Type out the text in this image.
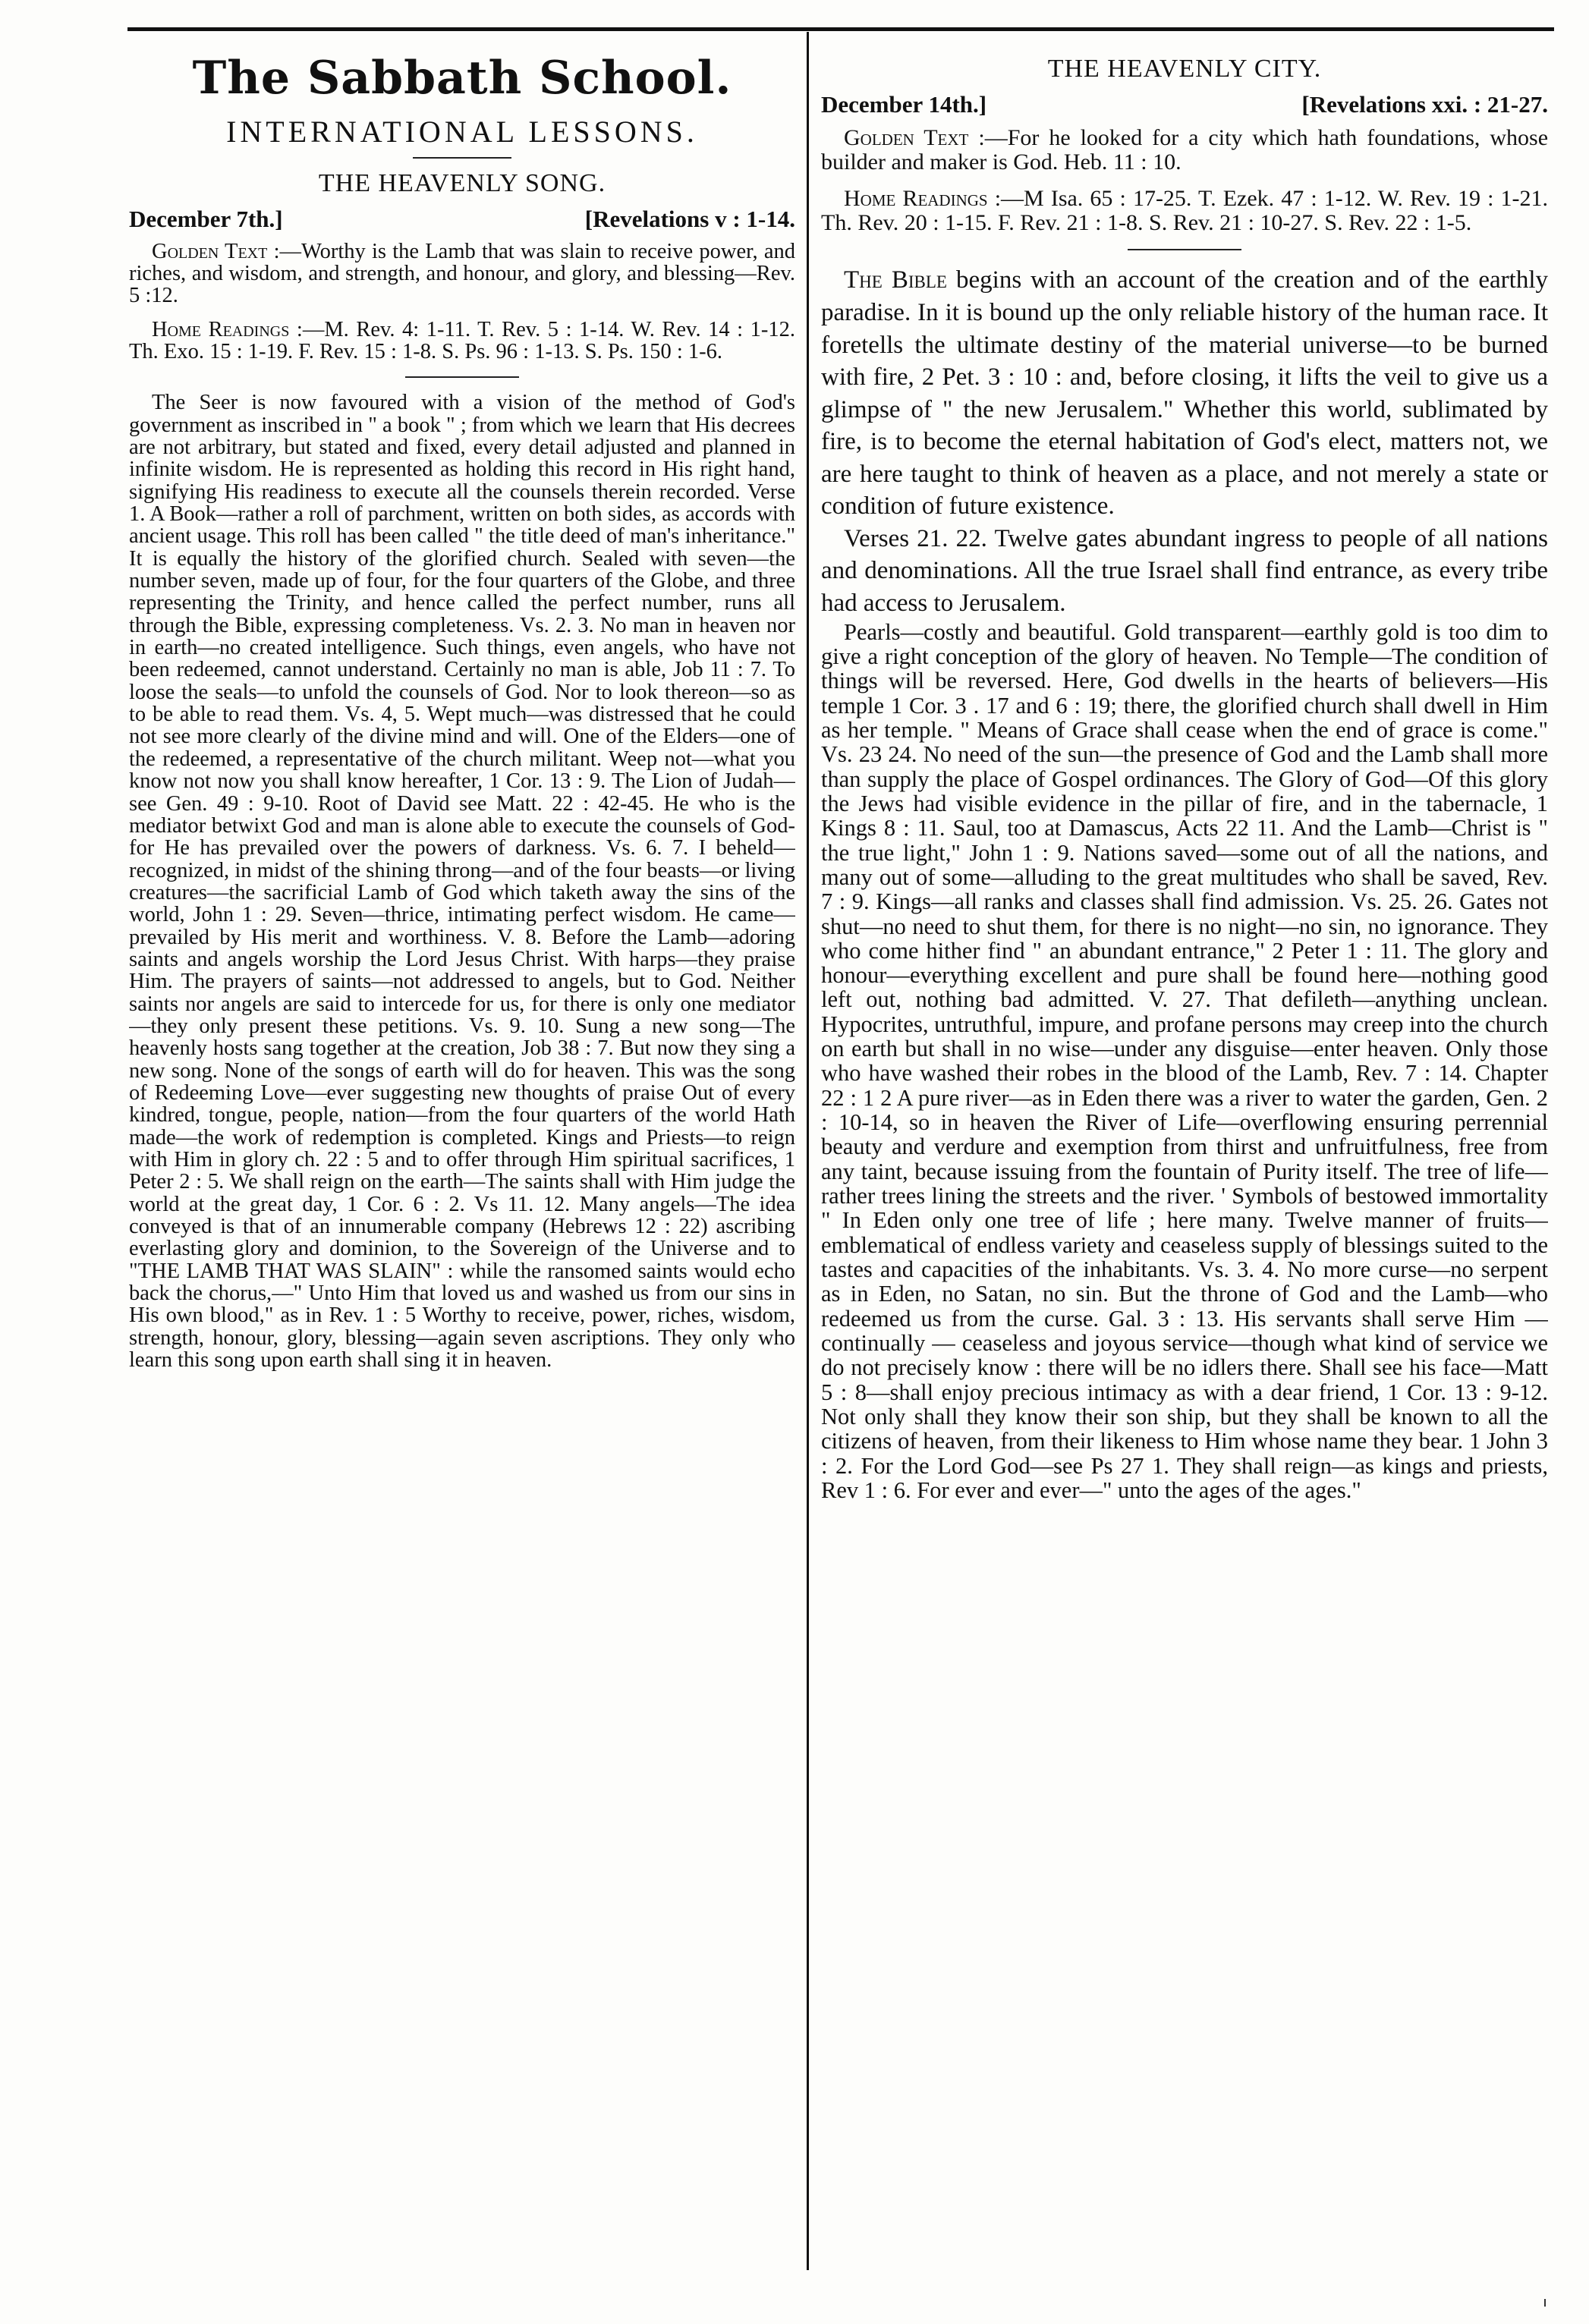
The Sabbath School.
INTERNATIONAL LESSONS.
THE HEAVENLY SONG.
December 7th.]	[Revelations v : 1-14.

Golden Text :—Worthy is the Lamb that was slain to receive power, and riches, and wisdom, and strength, and honour, and glory, and blessing—Rev. 5 :12.

Home Readings :—M. Rev. 4: 1-11. T. Rev. 5 : 1-14. W. Rev. 14 : 1-12. Th. Exo. 15 : 1-19. F. Rev. 15 : 1-8. S. Ps. 96 : 1-13. S. Ps. 150 : 1-6.

The Seer is now favoured with a vision of the method of God's government as inscribed in " a book " ; from which we learn that His decrees are not arbitrary, but stated and fixed, every detail adjusted and planned in infinite wisdom. He is represented as holding this record in His right hand, signifying His readiness to execute all the counsels therein recorded. Verse 1. A Book—rather a roll of parchment, written on both sides, as accords with ancient usage. This roll has been called " the title deed of man's inheritance." It is equally the history of the glorified church. Sealed with seven—the number seven, made up of four, for the four quarters of the Globe, and three representing the Trinity, and hence called the perfect number, runs all through the Bible, expressing completeness. Vs. 2. 3. No man in heaven nor in earth—no created intelligence. Such things, even angels, who have not been redeemed, cannot understand. Certainly no man is able, Job 11 : 7. To loose the seals—to unfold the counsels of God. Nor to look thereon—so as to be able to read them. Vs. 4, 5. Wept much—was distressed that he could not see more clearly of the divine mind and will. One of the Elders—one of the redeemed, a representative of the church militant. Weep not—what you know not now you shall know hereafter, 1 Cor. 13 : 9. The Lion of Judah—see Gen. 49 : 9-10. Root of David see Matt. 22 : 42-45. He who is the mediator betwixt God and man is alone able to execute the counsels of God-for He has prevailed over the powers of darkness. Vs. 6. 7. I beheld—recognized, in midst of the shining throng—and of the four beasts—or living creatures—the sacrificial Lamb of God which taketh away the sins of the world, John 1 : 29. Seven—thrice, intimating perfect wisdom. He came—prevailed by His merit and worthiness. V. 8. Before the Lamb—adoring saints and angels worship the Lord Jesus Christ. With harps—they praise Him. The prayers of saints—not addressed to angels, but to God. Neither saints nor angels are said to intercede for us, for there is only one mediator—they only present these petitions. Vs. 9. 10. Sung a new song—The heavenly hosts sang together at the creation, Job 38 : 7. But now they sing a new song. None of the songs of earth will do for heaven. This was the song of Redeeming Love—ever suggesting new thoughts of praise Out of every kindred, tongue, people, nation—from the four quarters of the world Hath made—the work of redemption is completed. Kings and Priests—to reign with Him in glory ch. 22 : 5 and to offer through Him spiritual sacrifices, 1 Peter 2 : 5. We shall reign on the earth—The saints shall with Him judge the world at the great day, 1 Cor. 6 : 2. Vs 11. 12. Many angels—The idea conveyed is that of an innumerable company (Hebrews 12 : 22) ascribing everlasting glory and dominion, to the Sovereign of the Universe and to "THE LAMB THAT WAS SLAIN" : while the ransomed saints would echo back the chorus,—" Unto Him that loved us and washed us from our sins in His own blood," as in Rev. 1 : 5 Worthy to receive, power, riches, wisdom, strength, honour, glory, blessing—again seven ascriptions. They only who learn this song upon earth shall sing it in heaven.

THE HEAVENLY CITY.
December 14th.]	[Revelations xxi. : 21-27.

Golden Text :—For he looked for a city which hath foundations, whose builder and maker is God. Heb. 11 : 10.

Home Readings :—M Isa. 65 : 17-25. T. Ezek. 47 : 1-12. W. Rev. 19 : 1-21. Th. Rev. 20 : 1-15. F. Rev. 21 : 1-8. S. Rev. 21 : 10-27. S. Rev. 22 : 1-5.

The Bible begins with an account of the creation and of the earthly paradise. In it is bound up the only reliable history of the human race. It foretells the ultimate destiny of the material universe—to be burned with fire, 2 Pet. 3 : 10 : and, before closing, it lifts the veil to give us a glimpse of " the new Jerusalem." Whether this world, sublimated by fire, is to become the eternal habitation of God's elect, matters not, we are here taught to think of heaven as a place, and not merely a state or condition of future existence.

Verses 21. 22. Twelve gates abundant ingress to people of all nations and denominations. All the true Israel shall find entrance, as every tribe had access to Jerusalem.

Pearls—costly and beautiful. Gold transparent—earthly gold is too dim to give a right conception of the glory of heaven. No Temple—The condition of things will be reversed. Here, God dwells in the hearts of believers—His temple 1 Cor. 3 . 17 and 6 : 19; there, the glorified church shall dwell in Him as her temple. " Means of Grace shall cease when the end of grace is come." Vs. 23 24. No need of the sun—the presence of God and the Lamb shall more than supply the place of Gospel ordinances. The Glory of God—Of this glory the Jews had visible evidence in the pillar of fire, and in the tabernacle, 1 Kings 8 : 11. Saul, too at Damascus, Acts 22 11. And the Lamb—Christ is " the true light," John 1 : 9. Nations saved—some out of all the nations, and many out of some—alluding to the great multitudes who shall be saved, Rev. 7 : 9. Kings—all ranks and classes shall find admission. Vs. 25. 26. Gates not shut—no need to shut them, for there is no night—no sin, no ignorance. They who come hither find " an abundant entrance," 2 Peter 1 : 11. The glory and honour—everything excellent and pure shall be found here—nothing good left out, nothing bad admitted. V. 27. That defileth—anything unclean. Hypocrites, untruthful, impure, and profane persons may creep into the church on earth but shall in no wise—under any disguise—enter heaven. Only those who have washed their robes in the blood of the Lamb, Rev. 7 : 14. Chapter 22 : 1 2 A pure river—as in Eden there was a river to water the garden, Gen. 2 : 10-14, so in heaven the River of Life—overflowing ensuring perrennial beauty and verdure and exemption from thirst and unfruitfulness, free from any taint, because issuing from the fountain of Purity itself. The tree of life—rather trees lining the streets and the river. ' Symbols of bestowed immortality " In Eden only one tree of life ; here many. Twelve manner of fruits—emblematical of endless variety and ceaseless supply of blessings suited to the tastes and capacities of the inhabitants. Vs. 3. 4. No more curse—no serpent as in Eden, no Satan, no sin. But the throne of God and the Lamb—who redeemed us from the curse. Gal. 3 : 13. His servants shall serve Him — continually — ceaseless and joyous service—though what kind of service we do not precisely know : there will be no idlers there. Shall see his face—Matt 5 : 8—shall enjoy precious intimacy as with a dear friend, 1 Cor. 13 : 9-12. Not only shall they know their son ship, but they shall be known to all the citizens of heaven, from their likeness to Him whose name they bear. 1 John 3 : 2. For the Lord God—see Ps 27 1. They shall reign—as kings and priests, Rev 1 : 6. For ever and ever—" unto the ages of the ages."
